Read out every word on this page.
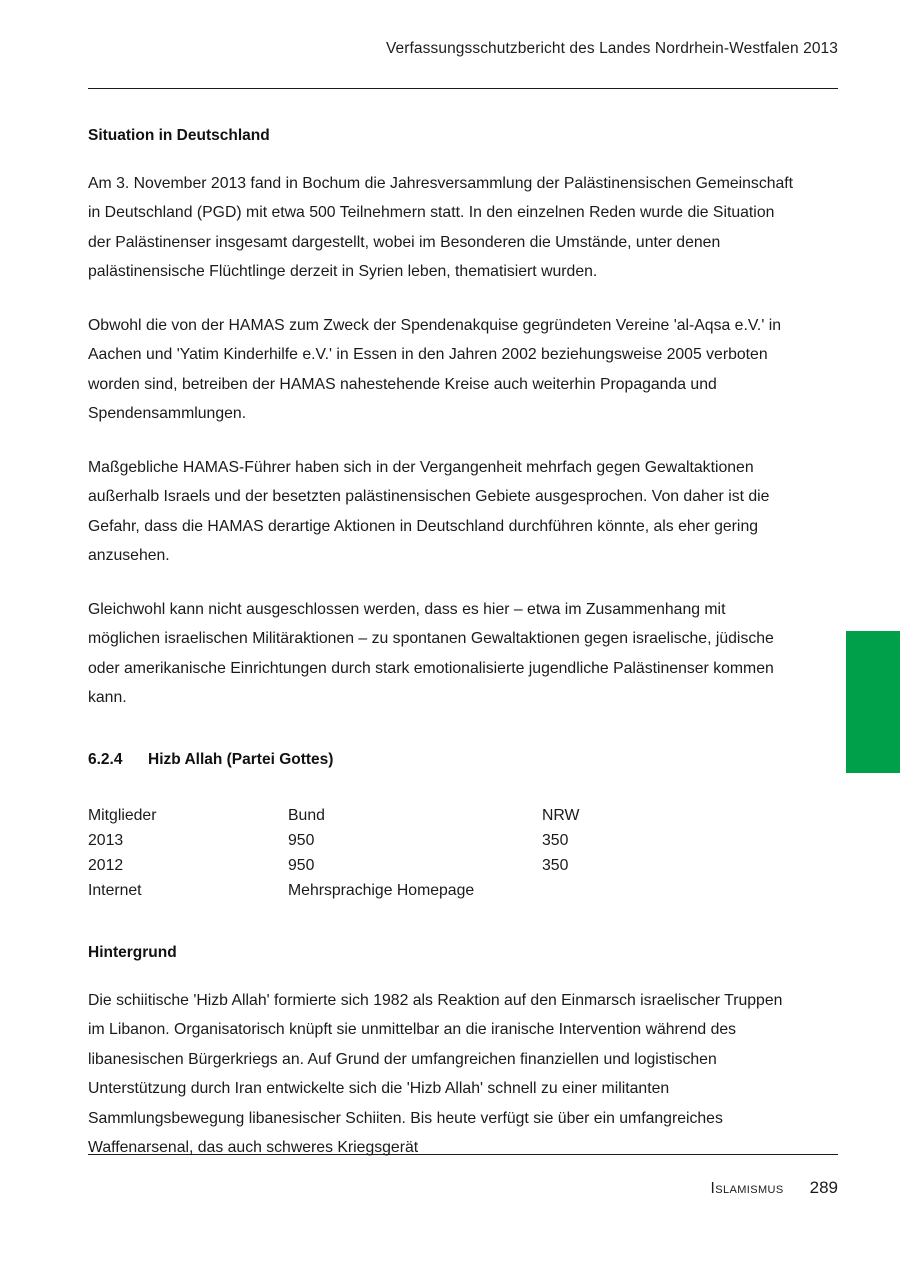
Verfassungsschutzbericht des Landes Nordrhein-Westfalen 2013
Situation in Deutschland

Am 3. November 2013 fand in Bochum die Jahresversammlung der Palästinensischen Gemeinschaft in Deutschland (PGD) mit etwa 500 Teilnehmern statt. In den einzelnen Reden wurde die Situation der Palästinenser insgesamt dargestellt, wobei im Besonderen die Umstände, unter denen palästinensische Flüchtlinge derzeit in Syrien leben, thematisiert wurden.

Obwohl die von der HAMAS zum Zweck der Spendenakquise gegründeten Vereine 'al-Aqsa e.V.' in Aachen und 'Yatim Kinderhilfe e.V.' in Essen in den Jahren 2002 beziehungsweise 2005 verboten worden sind, betreiben der HAMAS nahestehende Kreise auch weiterhin Propaganda und Spendensammlungen.

Maßgebliche HAMAS-Führer haben sich in der Vergangenheit mehrfach gegen Gewaltaktionen außerhalb Israels und der besetzten palästinensischen Gebiete ausgesprochen. Von daher ist die Gefahr, dass die HAMAS derartige Aktionen in Deutschland durchführen könnte, als eher gering anzusehen.

Gleichwohl kann nicht ausgeschlossen werden, dass es hier – etwa im Zusammenhang mit möglichen israelischen Militäraktionen – zu spontanen Gewaltaktionen gegen israelische, jüdische oder amerikanische Einrichtungen durch stark emotionalisierte jugendliche Palästinenser kommen kann.

6.2.4	Hizb Allah (Partei Gottes)
Mitglieder	Bund	NRW
2013	950	350
2012	950	350
Internet	Mehrsprachige Homepage	
Hintergrund

Die schiitische 'Hizb Allah' formierte sich 1982 als Reaktion auf den Einmarsch israelischer Truppen im Libanon. Organisatorisch knüpft sie unmittelbar an die iranische Intervention während des libanesischen Bürgerkriegs an. Auf Grund der umfangreichen finanziellen und logistischen Unterstützung durch Iran entwickelte sich die 'Hizb Allah' schnell zu einer militanten Sammlungsbewegung libanesischer Schiiten. Bis heute verfügt sie über ein umfangreiches Waffenarsenal, das auch schweres Kriegsgerät

Islamismus 289
